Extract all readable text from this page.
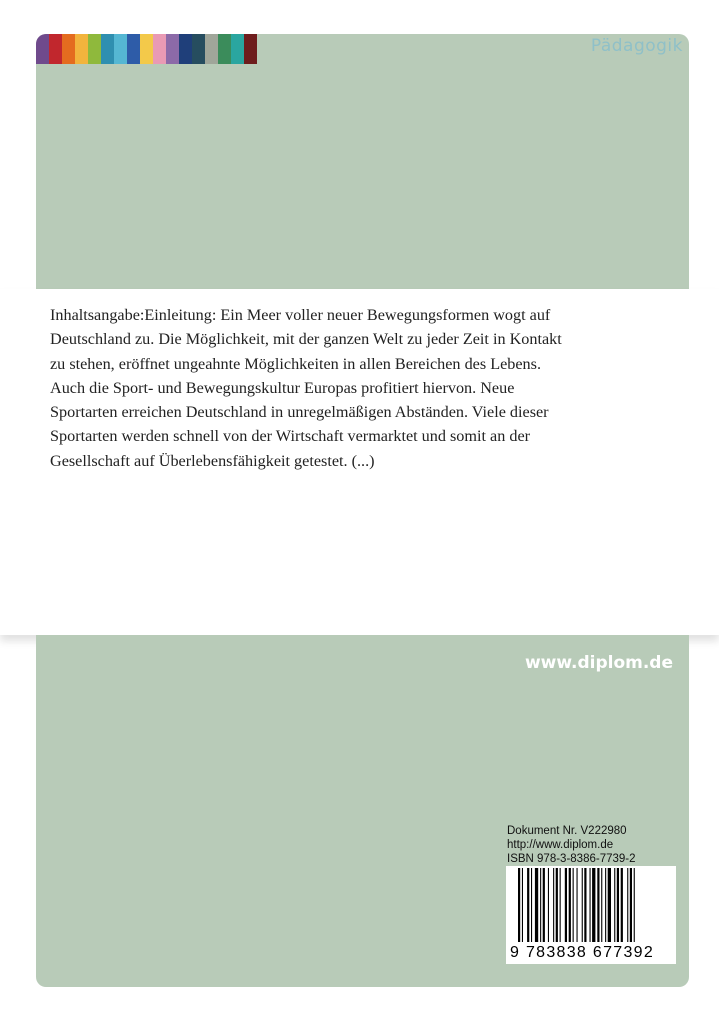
Pädagogik

Inhaltsangabe:Einleitung: Ein Meer voller neuer Bewegungsformen wogt auf
Deutschland zu. Die Möglichkeit, mit der ganzen Welt zu jeder Zeit in Kontakt
zu stehen, eröffnet ungeahnte Möglichkeiten in allen Bereichen des Lebens.
Auch die Sport- und Bewegungskultur Europas profitiert hiervon. Neue
Sportarten erreichen Deutschland in unregelmäßigen Abständen. Viele dieser
Sportarten werden schnell von der Wirtschaft vermarktet und somit an der
Gesellschaft auf Überlebensfähigkeit getestet. (...)

www.diplom.de
Dokument Nr. V222980
http://www.diplom.de
ISBN 978-3-8386-7739-2
9 783838 677392
